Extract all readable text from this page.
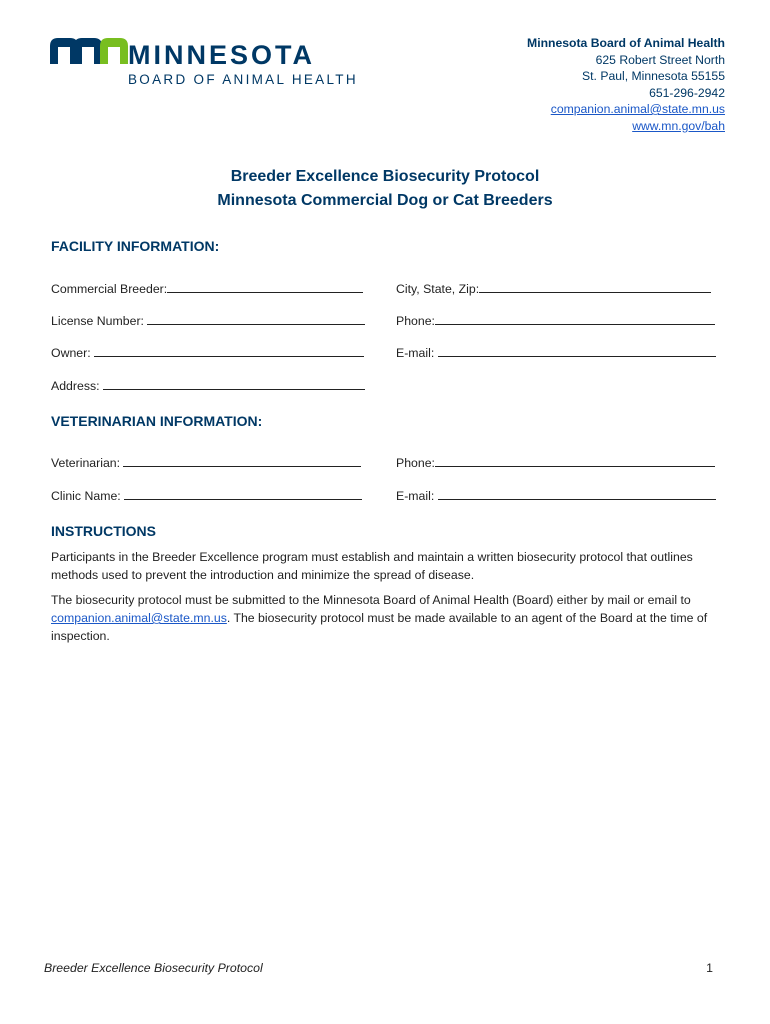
MINNESOTA
BOARD OF ANIMAL HEALTH
Minnesota Board of Animal Health
625 Robert Street North
St. Paul, Minnesota 55155
651-296-2942
companion.animal@state.mn.us
www.mn.gov/bah
Breeder Excellence Biosecurity Protocol
Minnesota Commercial Dog or Cat Breeders
FACILITY INFORMATION:
Commercial Breeder:	City, State, Zip:
License Number:	Phone:
Owner:	E-mail:
Address:
VETERINARIAN INFORMATION:
Veterinarian:	Phone:
Clinic Name:	E-mail:
INSTRUCTIONS
Participants in the Breeder Excellence program must establish and maintain a written biosecurity protocol that outlines methods used to prevent the introduction and minimize the spread of disease.
The biosecurity protocol must be submitted to the Minnesota Board of Animal Health (Board) either by mail or email to companion.animal@state.mn.us. The biosecurity protocol must be made available to an agent of the Board at the time of inspection.
Breeder Excellence Biosecurity Protocol	1
